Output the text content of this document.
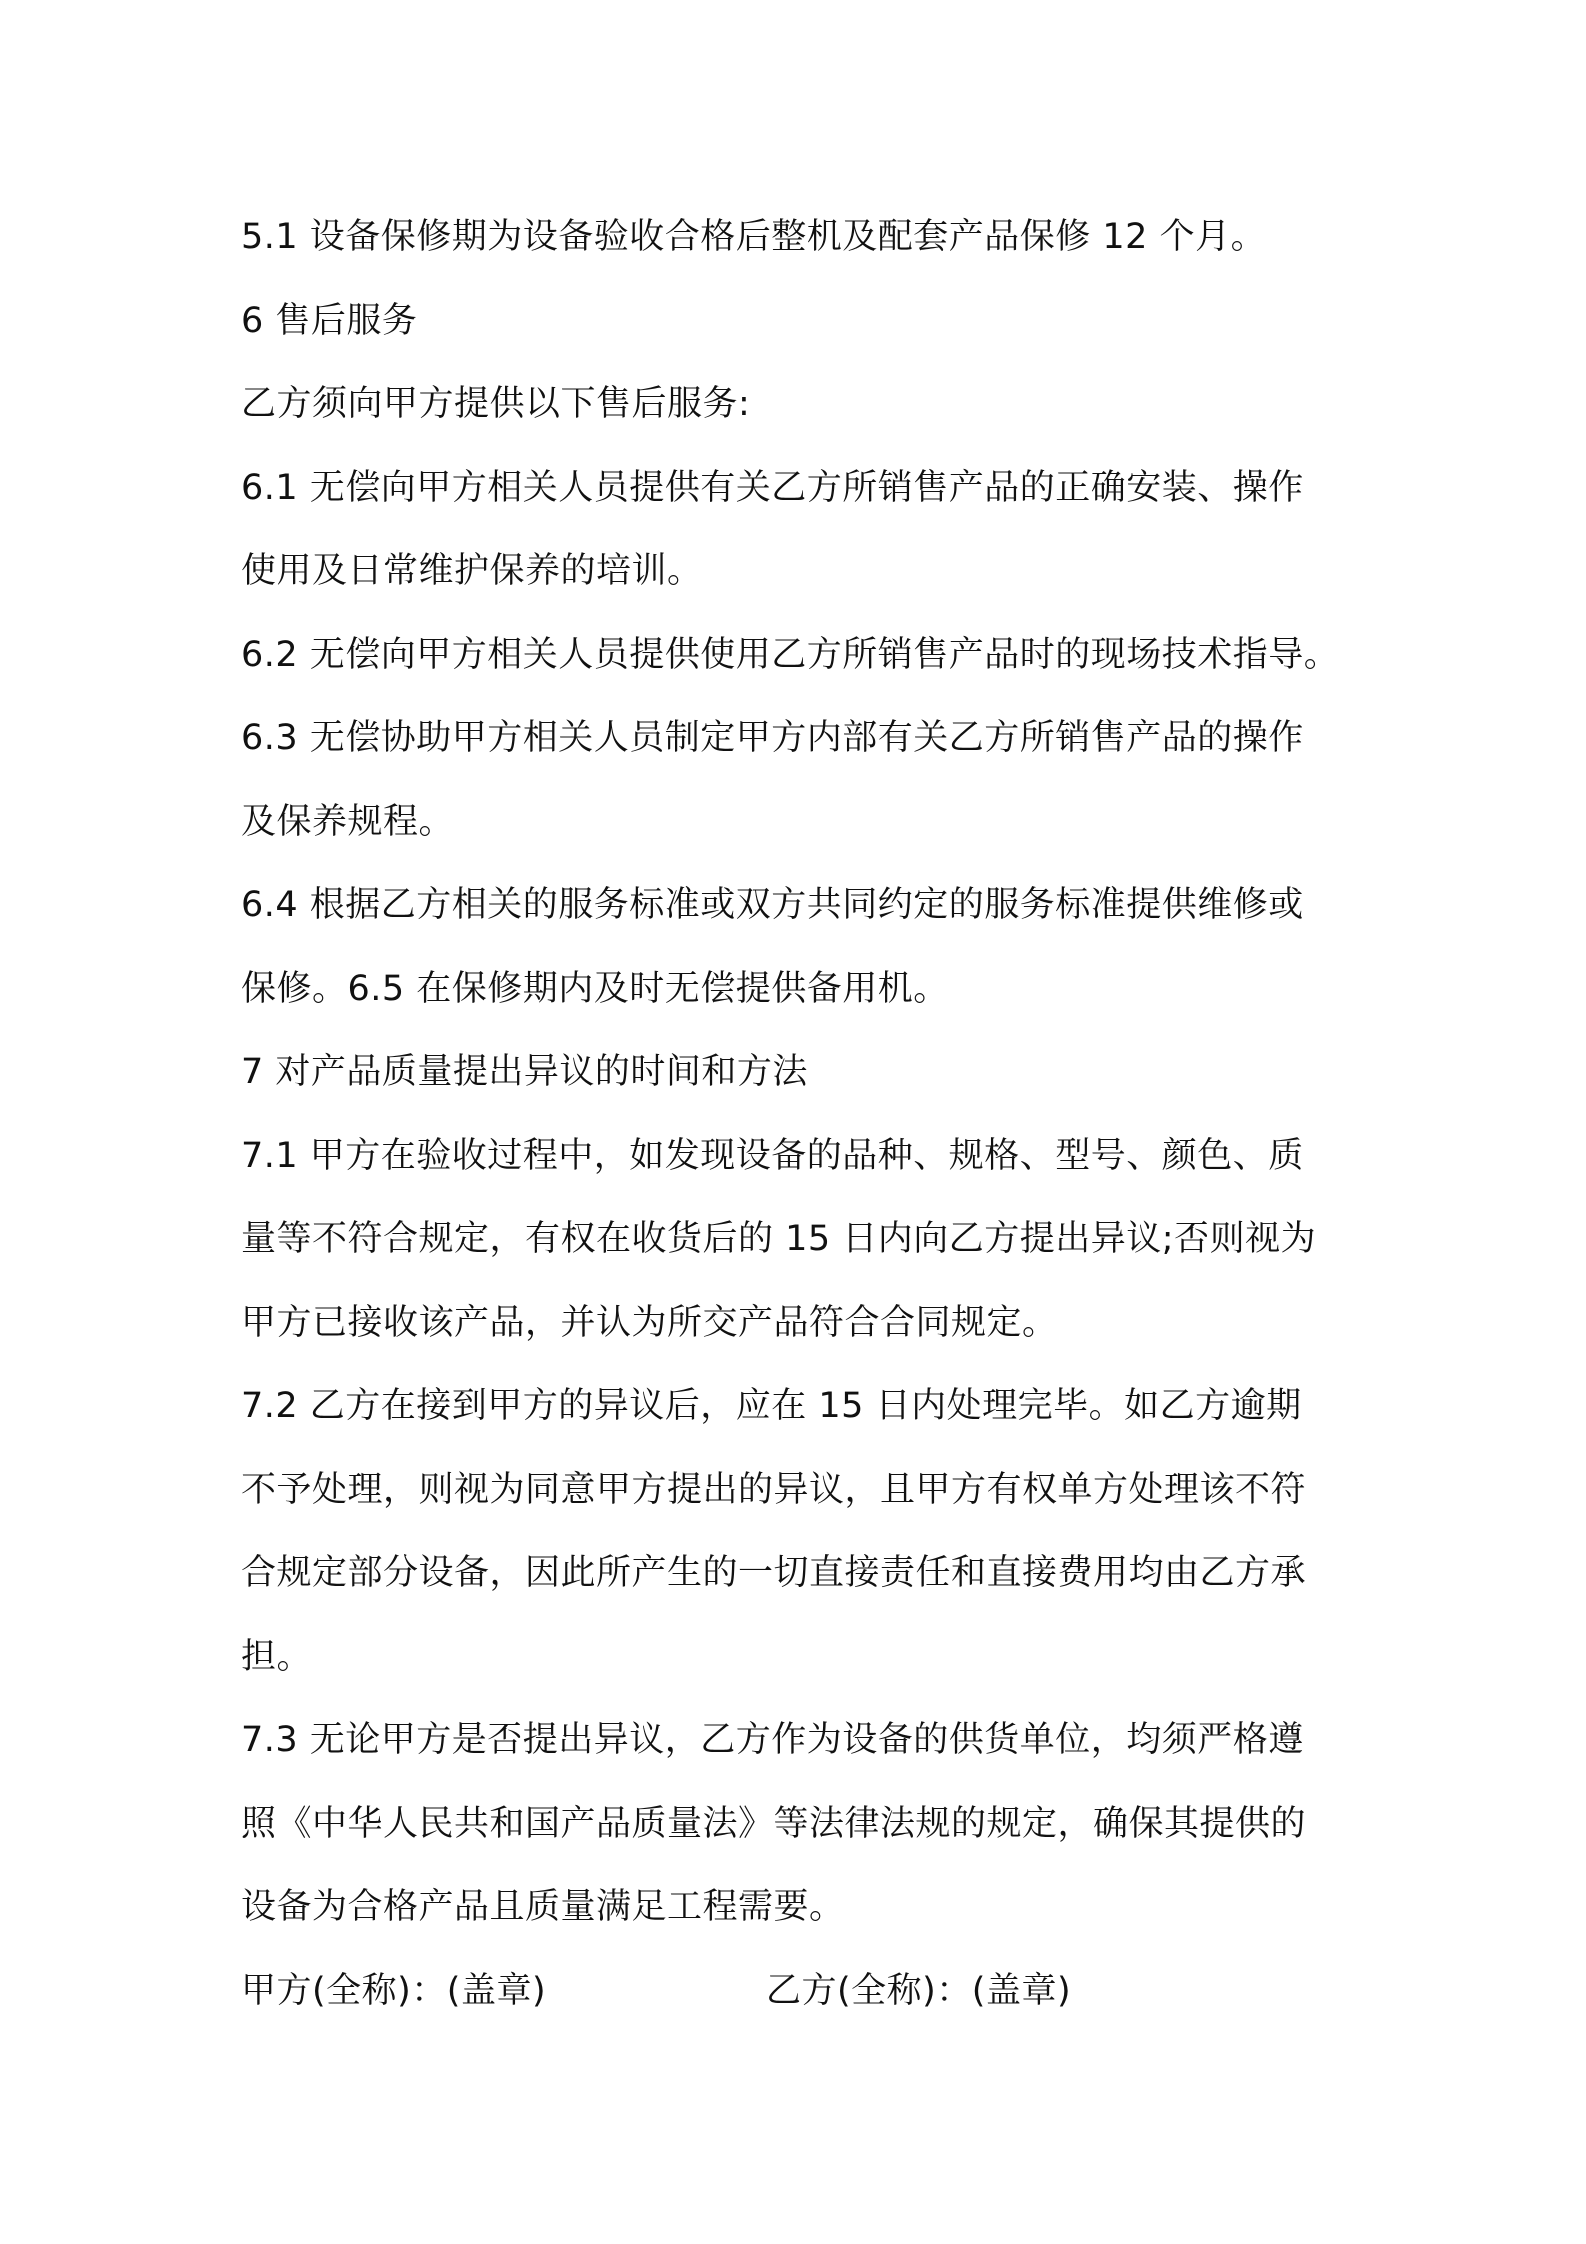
5.1 设备保修期为设备验收合格后整机及配套产品保修 12 个月。
6 售后服务
乙方须向甲方提供以下售后服务:
6.1 无偿向甲方相关人员提供有关乙方所销售产品的正确安装、操作
使用及日常维护保养的培训。
6.2 无偿向甲方相关人员提供使用乙方所销售产品时的现场技术指导。
6.3 无偿协助甲方相关人员制定甲方内部有关乙方所销售产品的操作
及保养规程。
6.4 根据乙方相关的服务标准或双方共同约定的服务标准提供维修或
保修。6.5 在保修期内及时无偿提供备用机。
7 对产品质量提出异议的时间和方法
7.1 甲方在验收过程中，如发现设备的品种、规格、型号、颜色、质
量等不符合规定，有权在收货后的 15 日内向乙方提出异议;否则视为
甲方已接收该产品，并认为所交产品符合合同规定。
7.2 乙方在接到甲方的异议后，应在 15 日内处理完毕。如乙方逾期
不予处理，则视为同意甲方提出的异议，且甲方有权单方处理该不符
合规定部分设备，因此所产生的一切直接责任和直接费用均由乙方承
担。
7.3 无论甲方是否提出异议，乙方作为设备的供货单位，均须严格遵
照《中华人民共和国产品质量法》等法律法规的规定，确保其提供的
设备为合格产品且质量满足工程需要。
甲方(全称)：(盖章)	乙方(全称)：(盖章)
